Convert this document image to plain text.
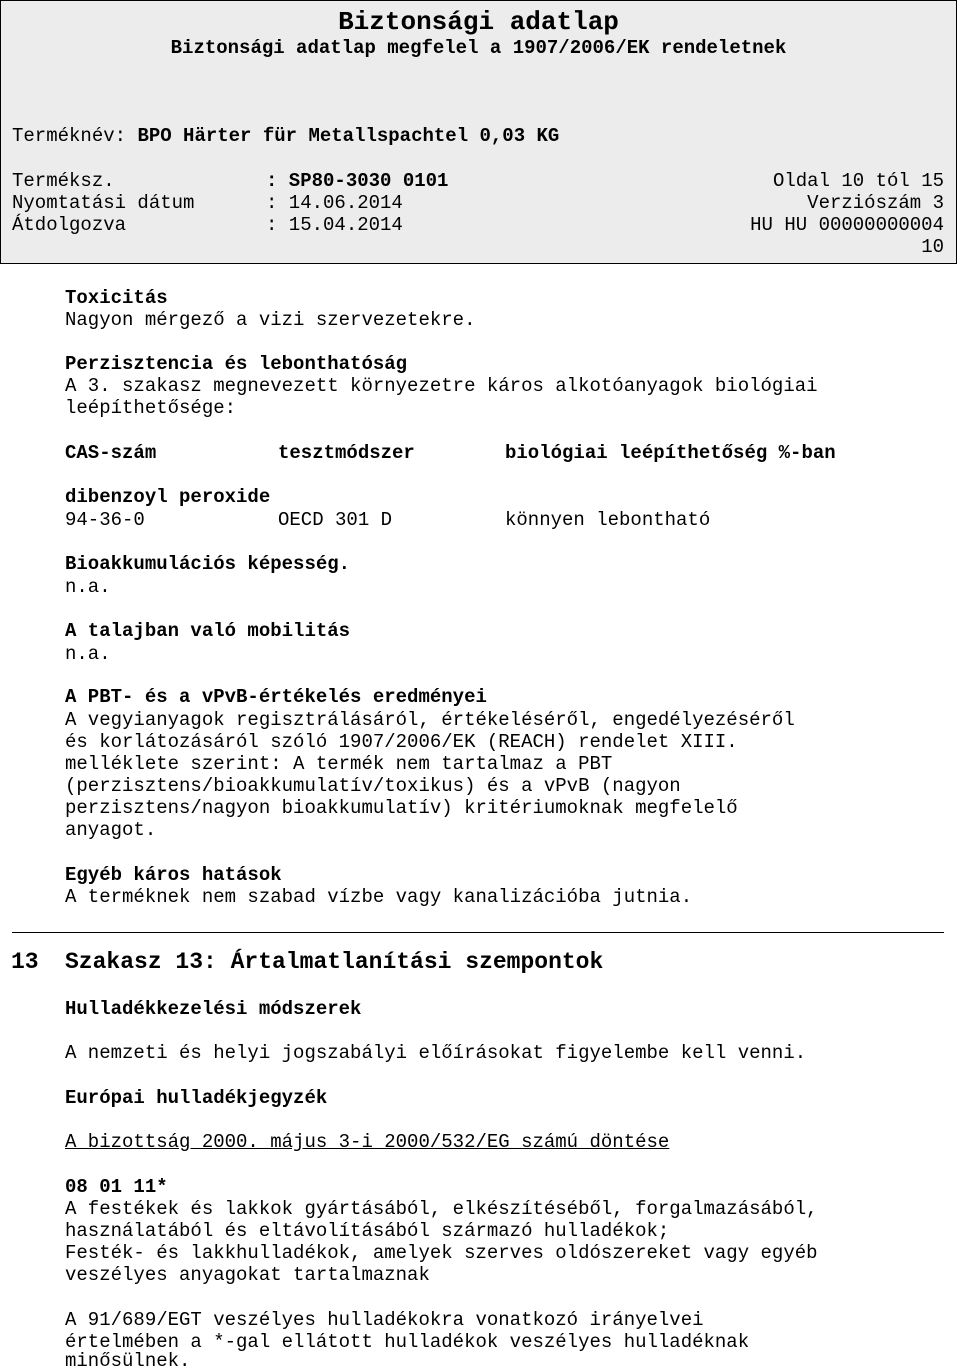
Biztonsági adatlap
Biztonsági adatlap megfelel a 1907/2006/EK rendeletnek
Terméknév: BPO Härter für Metallspachtel 0,03 KG
Terméksz.	: SP80-3030 0101
Nyomtatási dátum	: 14.06.2014
Átdolgozva	: 15.04.2014
Oldal 10 tól 15
Verziószám 3
HU HU 00000000004
10
Toxicitás
Nagyon mérgező a vizi szervezetekre.
Perzisztencia és lebonthatóság
A 3. szakasz megnevezett környezetre káros alkotóanyagok biológiai
leépíthetősége:
CAS-szám	tesztmódszer	biológiai leépíthetőség %-ban
dibenzoyl peroxide
94-36-0	OECD 301 D	könnyen lebontható
Bioakkumulációs képesség.
n.a.
A talajban való mobilitás
n.a.
A PBT- és a vPvB-értékelés eredményei
A vegyianyagok regisztrálásáról, értékeléséről, engedélyezéséről
és korlátozásáról szóló 1907/2006/EK (REACH) rendelet XIII.
melléklete szerint: A termék nem tartalmaz a PBT
(perzisztens/bioakkumulatív/toxikus) és a vPvB (nagyon
perzisztens/nagyon bioakkumulatív) kritériumoknak megfelelő
anyagot.
Egyéb káros hatások
A terméknek nem szabad vízbe vagy kanalizációba jutnia.
13 Szakasz 13: Ártalmatlanítási szempontok
Hulladékkezelési módszerek
A nemzeti és helyi jogszabályi előírásokat figyelembe kell venni.
Európai hulladékjegyzék
A bizottság 2000. május 3-i 2000/532/EG számú döntése
08 01 11*
A festékek és lakkok gyártásából, elkészítéséből, forgalmazásából,
használatából és eltávolításából származó hulladékok;
Festék- és lakkhulladékok, amelyek szerves oldószereket vagy egyéb
veszélyes anyagokat tartalmaznak
A 91/689/EGT veszélyes hulladékokra vonatkozó irányelvei
értelmében a *-gal ellátott hulladékok veszélyes hulladéknak
minősülnek.
